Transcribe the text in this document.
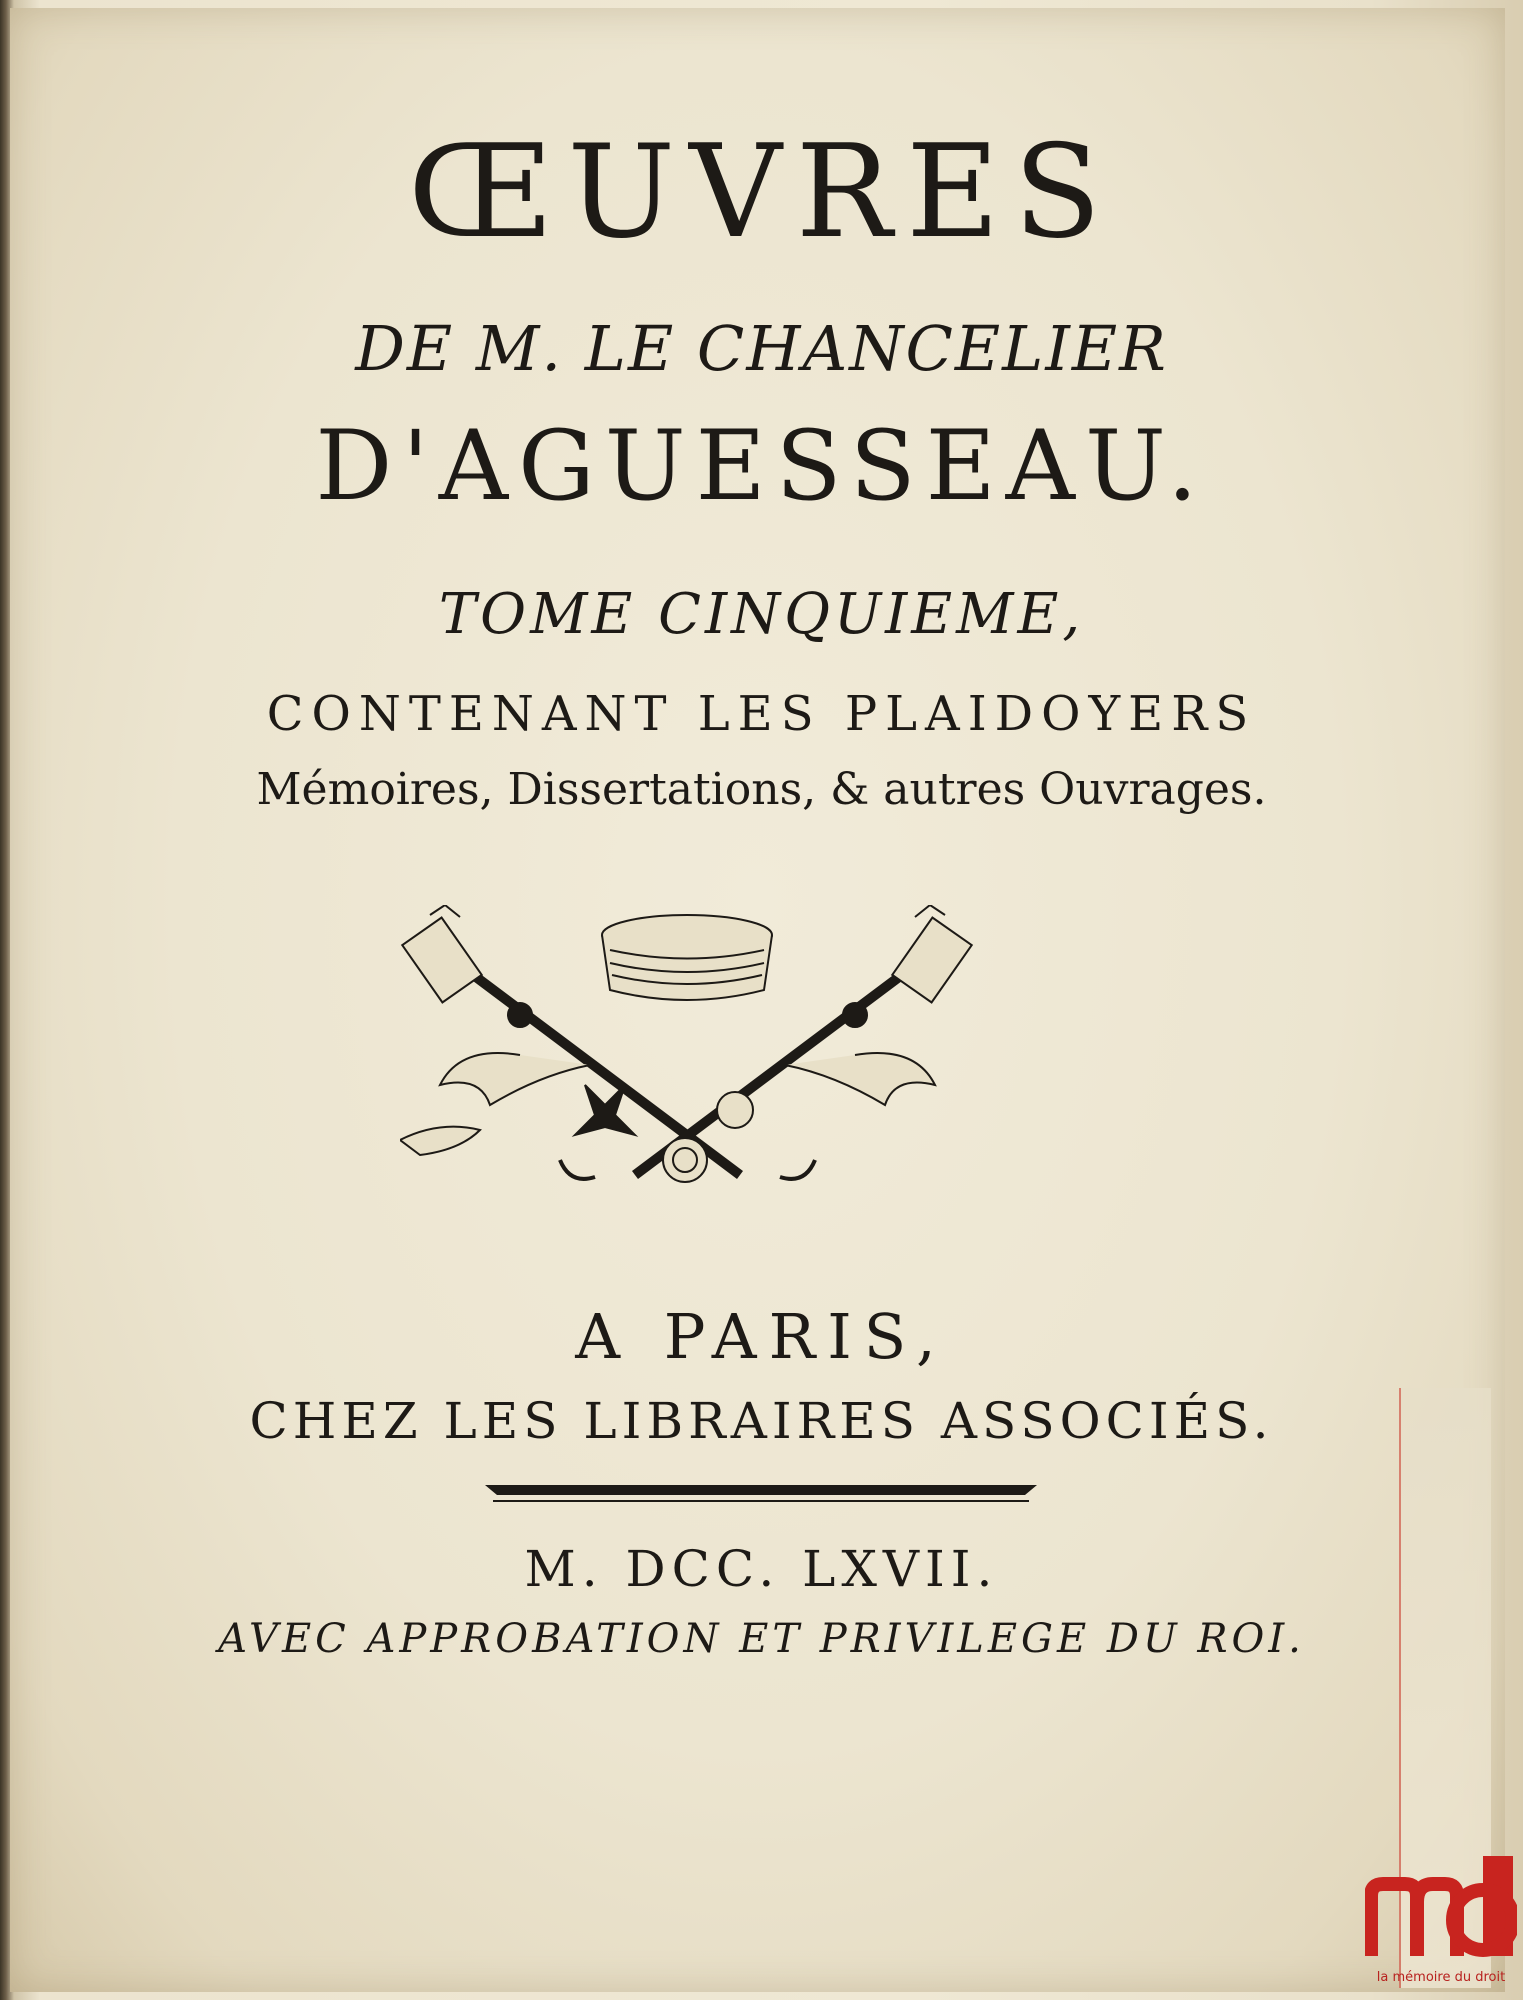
ŒUVRES

DE M. LE CHANCELIER

D'AGUESSEAU.

TOME CINQUIEME,

CONTENANT LES PLAIDOYERS

Mémoires, Dissertations, & autres Ouvrages.

A PARIS,

CHEZ LES LIBRAIRES ASSOCIÉS.

M. DCC. LXVII.

AVEC APPROBATION ET PRIVILEGE DU ROI.

la mémoire du droit
